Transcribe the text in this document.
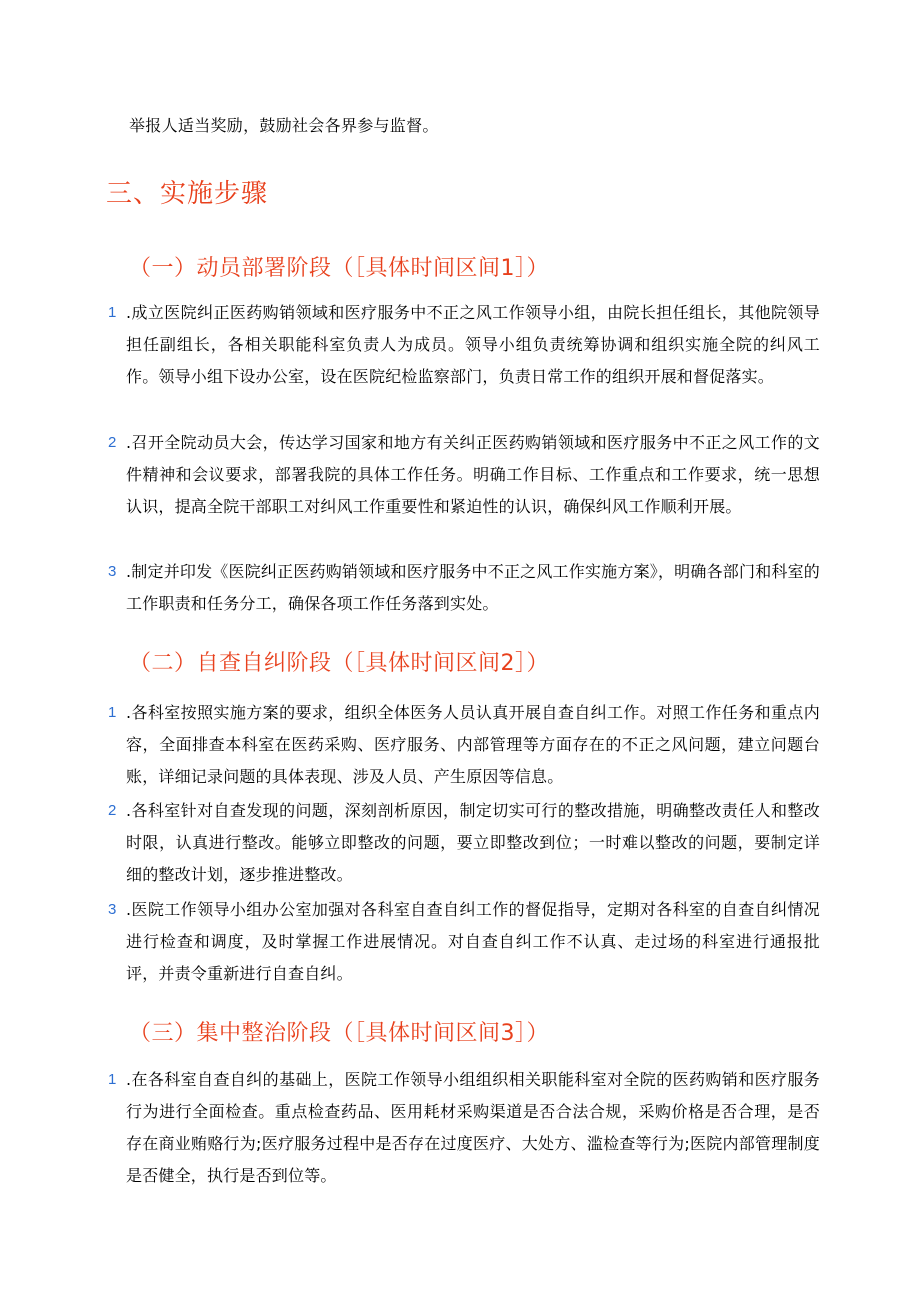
举报人适当奖励，鼓励社会各界参与监督。
三、实施步骤
（一）动员部署阶段（［具体时间区间1］）
1 .成立医院纠正医药购销领域和医疗服务中不正之风工作领导小组，由院长担任组长，其他院领导担任副组长，各相关职能科室负责人为成员。领导小组负责统筹协调和组织实施全院的纠风工作。领导小组下设办公室，设在医院纪检监察部门，负责日常工作的组织开展和督促落实。
2 .召开全院动员大会，传达学习国家和地方有关纠正医药购销领域和医疗服务中不正之风工作的文件精神和会议要求，部署我院的具体工作任务。明确工作目标、工作重点和工作要求，统一思想认识，提高全院干部职工对纠风工作重要性和紧迫性的认识，确保纠风工作顺利开展。
3 .制定并印发《医院纠正医药购销领域和医疗服务中不正之风工作实施方案》，明确各部门和科室的工作职责和任务分工，确保各项工作任务落到实处。
（二）自查自纠阶段（［具体时间区间2］）
1 .各科室按照实施方案的要求，组织全体医务人员认真开展自查自纠工作。对照工作任务和重点内容，全面排查本科室在医药采购、医疗服务、内部管理等方面存在的不正之风问题，建立问题台账，详细记录问题的具体表现、涉及人员、产生原因等信息。
2 .各科室针对自查发现的问题，深刻剖析原因，制定切实可行的整改措施，明确整改责任人和整改时限，认真进行整改。能够立即整改的问题，要立即整改到位；一时难以整改的问题，要制定详细的整改计划，逐步推进整改。
3 .医院工作领导小组办公室加强对各科室自查自纠工作的督促指导，定期对各科室的自查自纠情况进行检查和调度，及时掌握工作进展情况。对自查自纠工作不认真、走过场的科室进行通报批评，并责令重新进行自查自纠。
（三）集中整治阶段（［具体时间区间3］）
1 .在各科室自查自纠的基础上，医院工作领导小组组织相关职能科室对全院的医药购销和医疗服务行为进行全面检查。重点检查药品、医用耗材采购渠道是否合法合规，采购价格是否合理，是否存在商业贿赂行为;医疗服务过程中是否存在过度医疗、大处方、滥检查等行为;医院内部管理制度是否健全，执行是否到位等。
